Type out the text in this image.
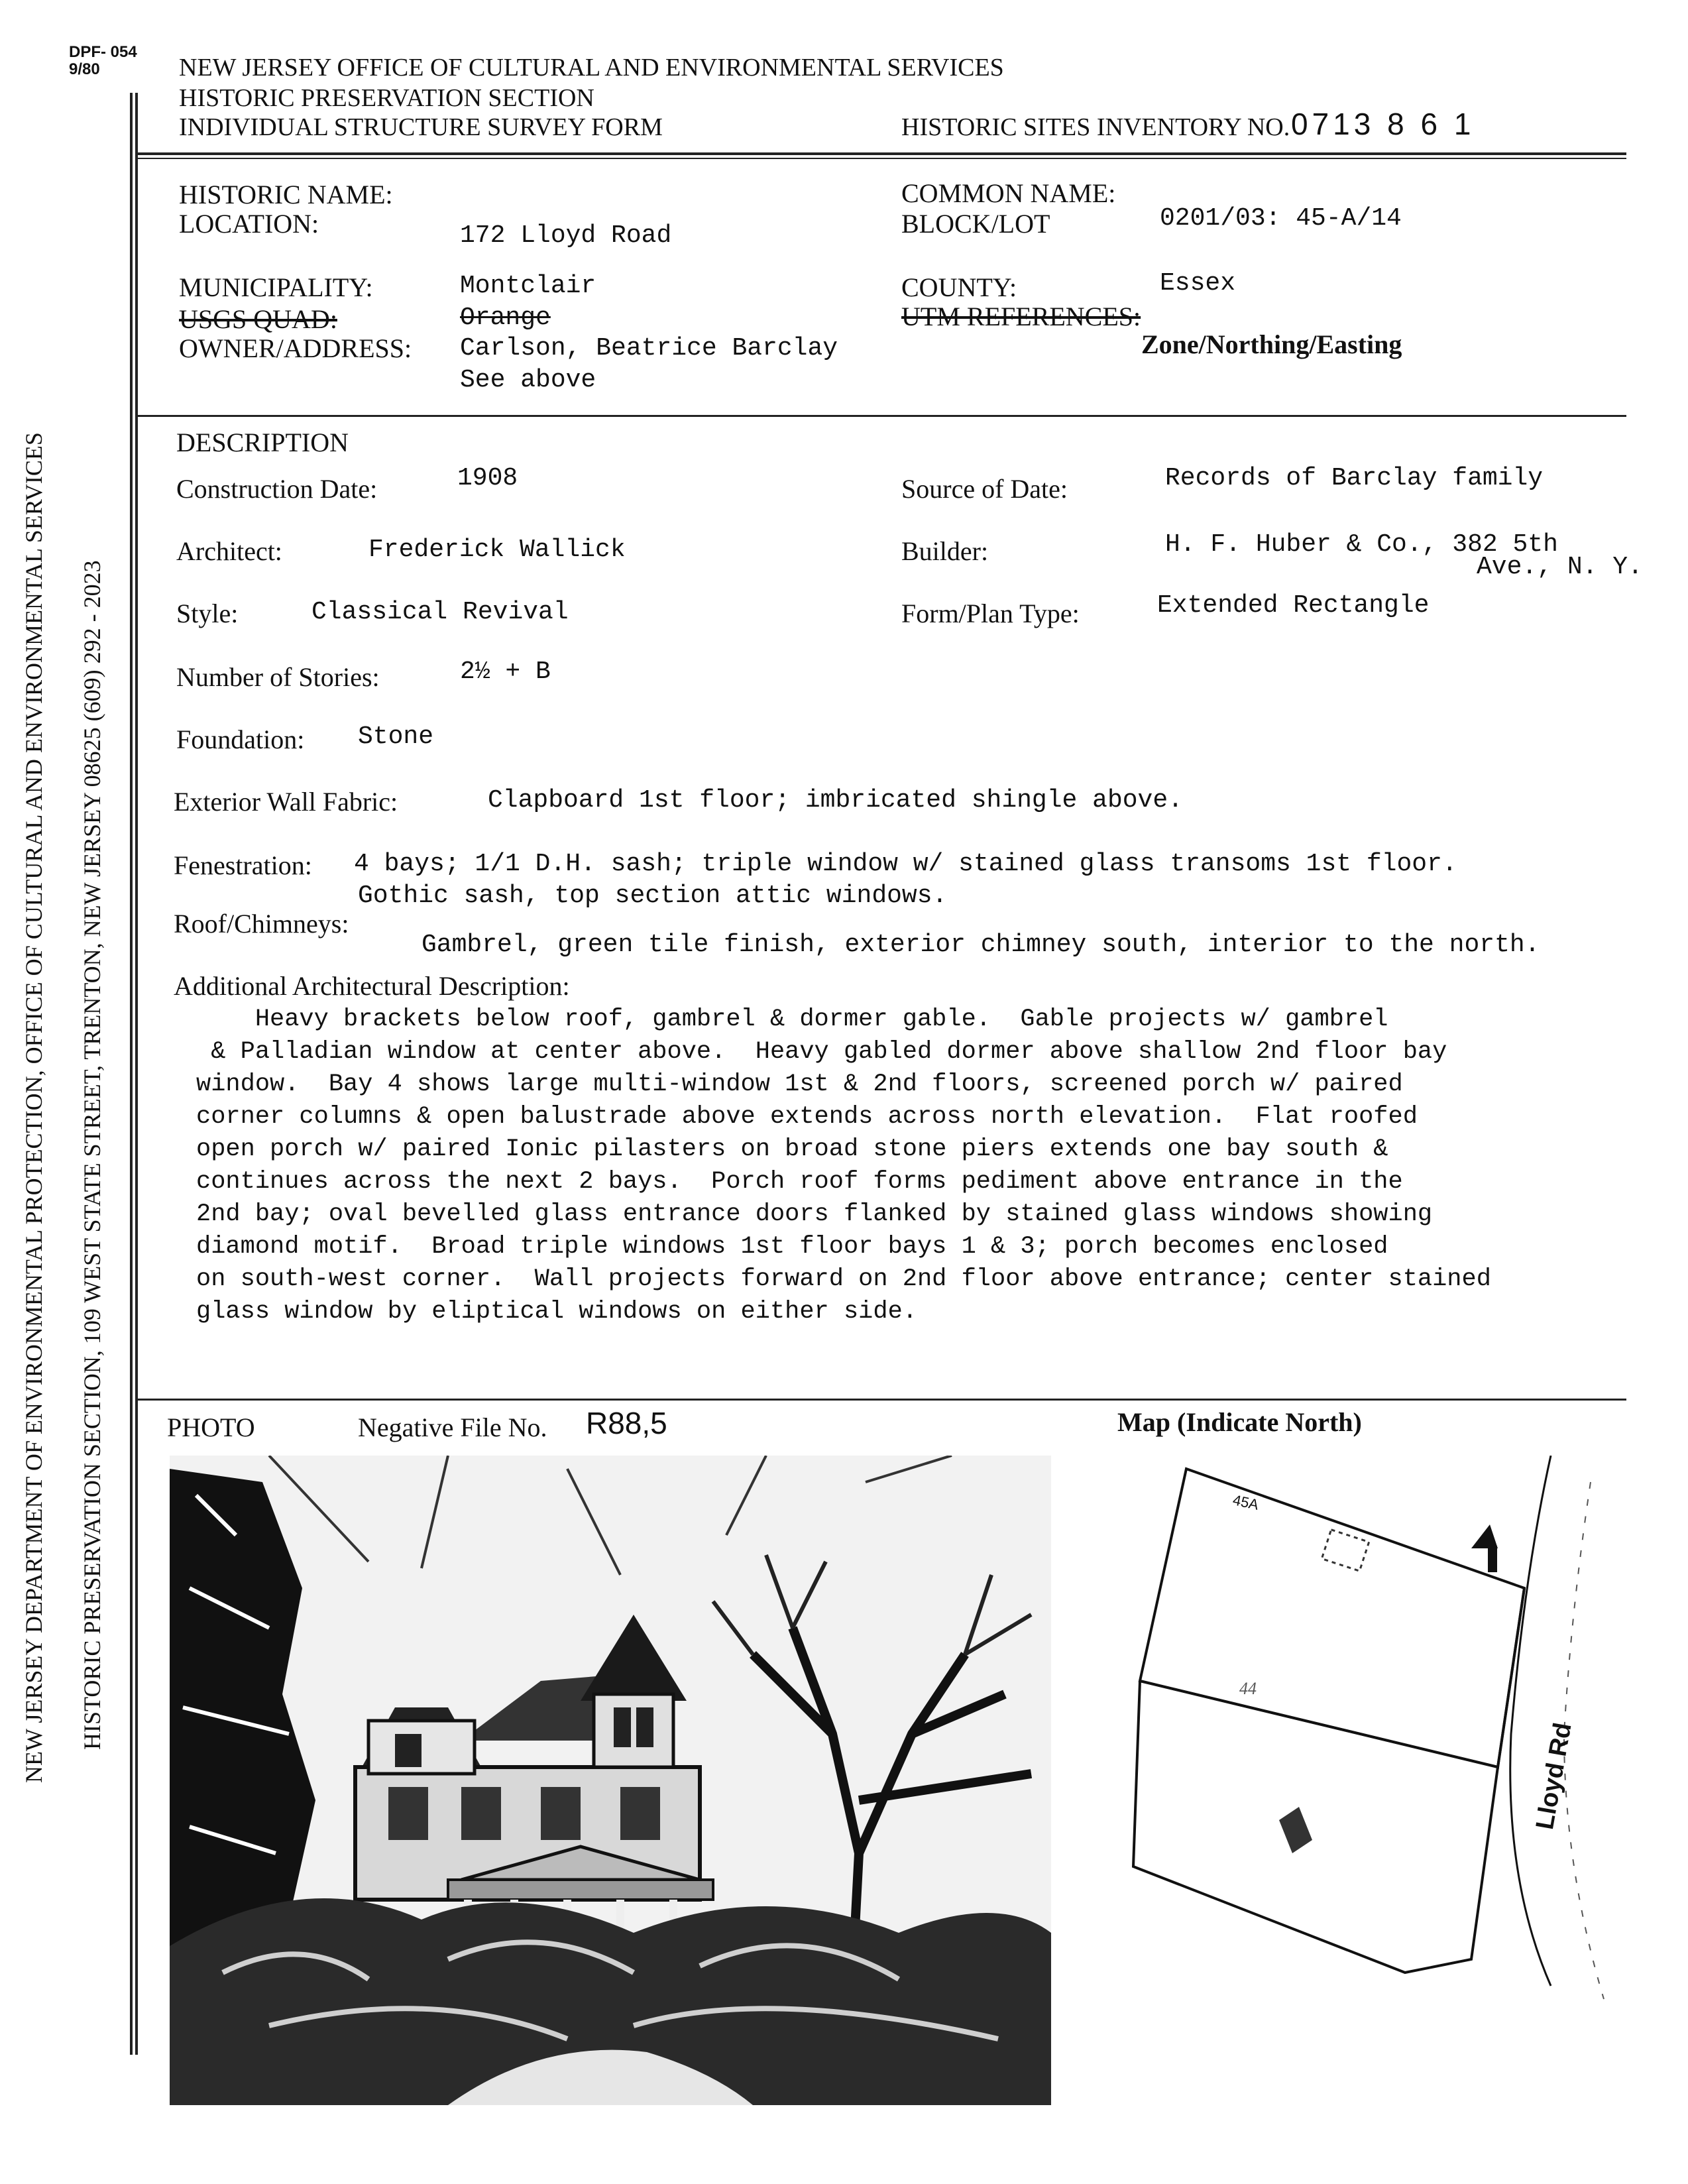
DPF- 054
9/80	NEW JERSEY OFFICE OF CULTURAL AND ENVIRONMENTAL SERVICES
HISTORIC PRESERVATION SECTION
INDIVIDUAL STRUCTURE SURVEY FORM	HISTORIC SITES INVENTORY NO. 0713 8 6 1
NEW JERSEY DEPARTMENT OF ENVIRONMENTAL PROTECTION, OFFICE OF CULTURAL AND ENVIRONMENTAL SERVICES HISTORIC PRESERVATION SECTION, 109 WEST STATE STREET, TRENTON, NEW JERSEY 08625 (609) 292 - 2023
HISTORIC NAME:
LOCATION:	172 Lloyd Road
COMMON NAME:
BLOCK/LOT	0201/03: 45-A/14
MUNICIPALITY:	Montclair	COUNTY:	Essex
USGS QUAD:	Orange	UTM REFERENCES:
Zone/Northing/Easting
OWNER/ADDRESS: Carlson, Beatrice Barclay
See above
DESCRIPTION
Construction Date:	1908	Source of Date:	Records of Barclay family
Architect:	Frederick Wallick	Builder:	H. F. Huber & Co., 382 5th
Ave., N. Y.
Style:	Classical Revival	Form/Plan Type:	Extended Rectangle
Number of Stories:	2½ + B
Foundation: Stone
Exterior Wall Fabric:	Clapboard 1st floor; imbricated shingle above.
Fenestration: 4 bays; 1/1 D.H. sash; triple window w/ stained glass transoms 1st floor.
Gothic sash, top section attic windows.
Roof/Chimneys:
Gambrel, green tile finish, exterior chimney south, interior to the north.
Additional Architectural Description:
Heavy brackets below roof, gambrel & dormer gable.  Gable projects w/ gambrel
& Palladian window at center above.  Heavy gabled dormer above shallow 2nd floor bay
window.  Bay 4 shows large multi-window 1st & 2nd floors, screened porch w/ paired
corner columns & open balustrade above extends across north elevation.  Flat roofed
open porch w/ paired Ionic pilasters on broad stone piers extends one bay south &
continues across the next 2 bays.  Porch roof forms pediment above entrance in the
2nd bay; oval bevelled glass entrance doors flanked by stained glass windows showing
diamond motif.  Broad triple windows 1st floor bays 1 & 3; porch becomes enclosed
on south-west corner.  Wall projects forward on 2nd floor above entrance; center stained
glass window by eliptical windows on either side.
PHOTO	Negative File No. R88,5	Map (Indicate North)
44
45A
Lloyd Rd
